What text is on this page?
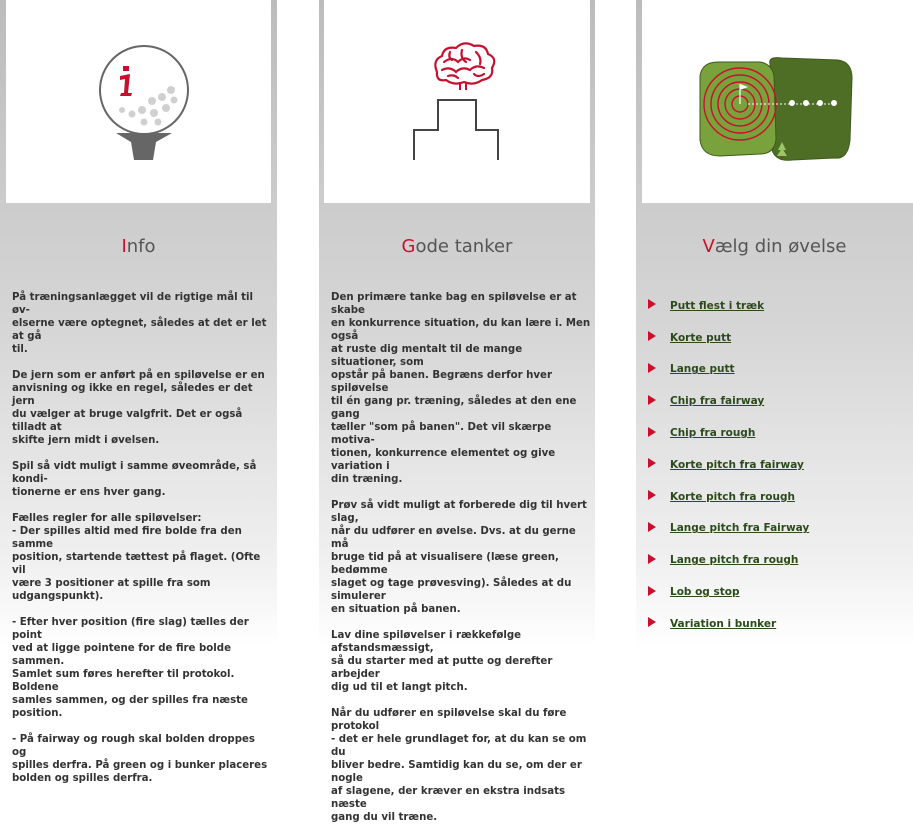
Info
På træningsanlægget vil de rigtige mål til øv-
elserne være optegnet, således at det er let at gå
til.

De jern som er anført på en spiløvelse er en
anvisning og ikke en regel, således er det jern
du vælger at bruge valgfrit. Det er også tilladt at
skifte jern midt i øvelsen.

Spil så vidt muligt i samme øveområde, så kondi-
tionerne er ens hver gang.

Fælles regler for alle spiløvelser:
- Der spilles altid med fire bolde fra den samme
position, startende tættest på flaget. (Ofte vil
være 3 positioner at spille fra som udgangspunkt).

- Efter hver position (fire slag) tælles der point
ved at ligge pointene for de fire bolde sammen.
Samlet sum føres herefter til protokol. Boldene
samles sammen, og der spilles fra næste position.

- På fairway og rough skal bolden droppes og
spilles derfra. På green og i bunker placeres
bolden og spilles derfra.
Gode tanker
Den primære tanke bag en spiløvelse er at skabe
en konkurrence situation, du kan lære i. Men også
at ruste dig mentalt til de mange situationer, som
opstår på banen. Begræns derfor hver spiløvelse
til én gang pr. træning, således at den ene gang
tæller "som på banen". Det vil skærpe motiva-
tionen, konkurrence elementet og give variation i
din træning.

Prøv så vidt muligt at forberede dig til hvert slag,
når du udfører en øvelse. Dvs. at du gerne må
bruge tid på at visualisere (læse green, bedømme
slaget og tage prøvesving). Således at du simulerer
en situation på banen.

Lav dine spiløvelser i rækkefølge afstandsmæssigt,
så du starter med at putte og derefter arbejder
dig ud til et langt pitch.

Når du udfører en spiløvelse skal du føre protokol
- det er hele grundlaget for, at du kan se om du
bliver bedre. Samtidig kan du se, om der er nogle
af slagene, der kræver en ekstra indsats næste
gang du vil træne.
Vælg din øvelse
Putt flest i træk
Korte putt
Lange putt
Chip fra fairway
Chip fra rough
Korte pitch fra fairway
Korte pitch fra rough
Lange pitch fra Fairway
Lange pitch fra rough
Lob og stop
Variation i bunker
